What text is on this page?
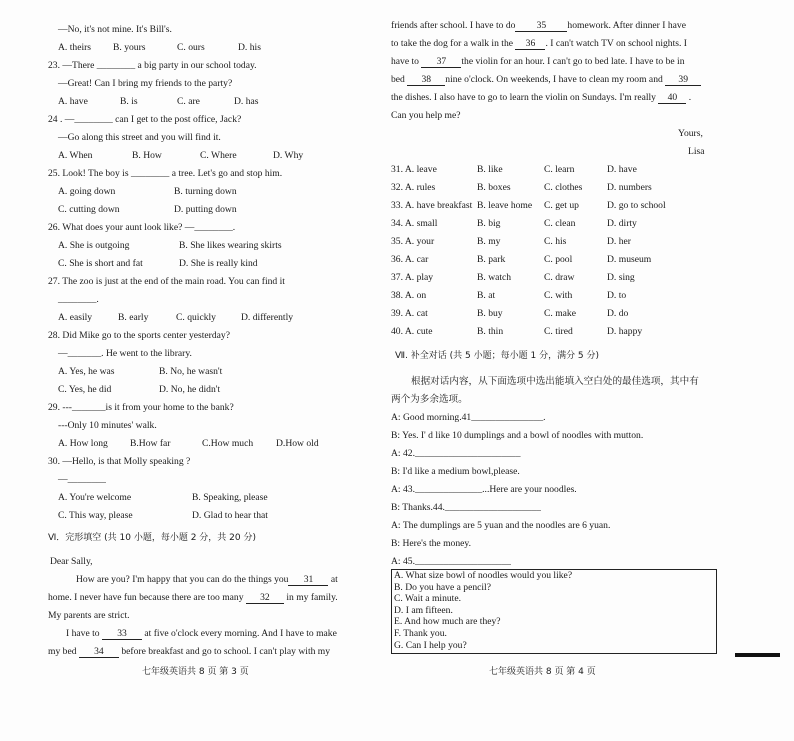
—No, it's not mine. It's Bill's.
A. theirs B. yours	C. ours	D. his
23. —There ________ a big party in our school today.
—Great! Can I bring my friends to the party?
A. have	B. is	C. are	D. has
24 . —________ can I get to the post office, Jack?
—Go along this street and you will find it.
A. When	B. How	C. Where	D. Why
25. Look! The boy is ________ a tree. Let's go and stop him.
A. going down	B. turning down
C. cutting down	D. putting down
26. What does your aunt look like? —________.
A. She is outgoing	B. She likes wearing skirts
C. She is short and fat	D. She is really kind
27. The zoo is just at the end of the main road. You can find it
________.
A. easily	B. early	C. quickly	D. differently
28. Did Mike go to the sports center yesterday?
—_______. He went to the library.
A. Yes, he was	B. No, he wasn't
C. Yes, he did	D. No, he didn't
29. ---_______is it from your home to the bank?
---Only 10 minutes' walk.
A. How long B.How far	C.How much D.How old
30. —Hello, is that Molly speaking ?
—________
A. You're welcome	B. Speaking, please
C. This way, please	D. Glad to hear that
Ⅵ．完形填空 (共 10 小题，每小题 2 分，共 20 分)
Dear Sally,
How are you? I'm happy that you can do the things you 31 at
home. I never have fun because there are too many 32 in my family.
My parents are strict.
I have to 33 at five o'clock every morning. And I have to make
my bed 34 before breakfast and go to school. I can't play with my
七年级英语共 8 页 第 3 页
friends after school. I have to do 35 homework. After dinner I have
to take the dog for a walk in the 36 . I can't watch TV on school nights. I
have to 37 the violin for an hour. I can't go to bed late. I have to be in
bed 38 nine o'clock. On weekends, I have to clean my room and 39
the dishes. I also have to go to learn the violin on Sundays. I'm really 40 .
Can you help me?
Yours,
Lisa
31. A. leave	B. like	C. learn	D. have
32. A. rules	B. boxes	C. clothes	D. numbers
33. A. have breakfast B. leave home C. get up	D. go to school
34. A. small	B. big	C. clean	D. dirty
35. A. your	B. my	C. his	D. her
36. A. car	B. park	C. pool	D. museum
37. A. play	B. watch	C. draw	D. sing
38. A. on	B. at	C. with	D. to
39. A. cat	B. buy	C. make	D. do
40. A. cute	B. thin	C. tired	D. happy
Ⅶ. 补全对话 (共 5 小题；每小题 1 分，满分 5 分)
根据对话内容，从下面选项中选出能填入空白处的最佳选项，其中有
两个为多余选项。
A: Good morning.41_______________.
B: Yes. I' d like 10 dumplings and a bowl of noodles with mutton.
A: 42.______________________
B: I'd like a medium bowl,please.
A: 43.______________...Here are your noodles.
B: Thanks.44.____________________
A: The dumplings are 5 yuan and the noodles are 6 yuan.
B: Here's the money.
A: 45.____________________
A. What size bowl of noodles would you like?
B. Do you have a pencil?
C. Wait a minute.
D. I am fifteen.
E. And how much are they?
F. Thank you.
G. Can I help you?
七年级英语共 8 页 第 4 页
